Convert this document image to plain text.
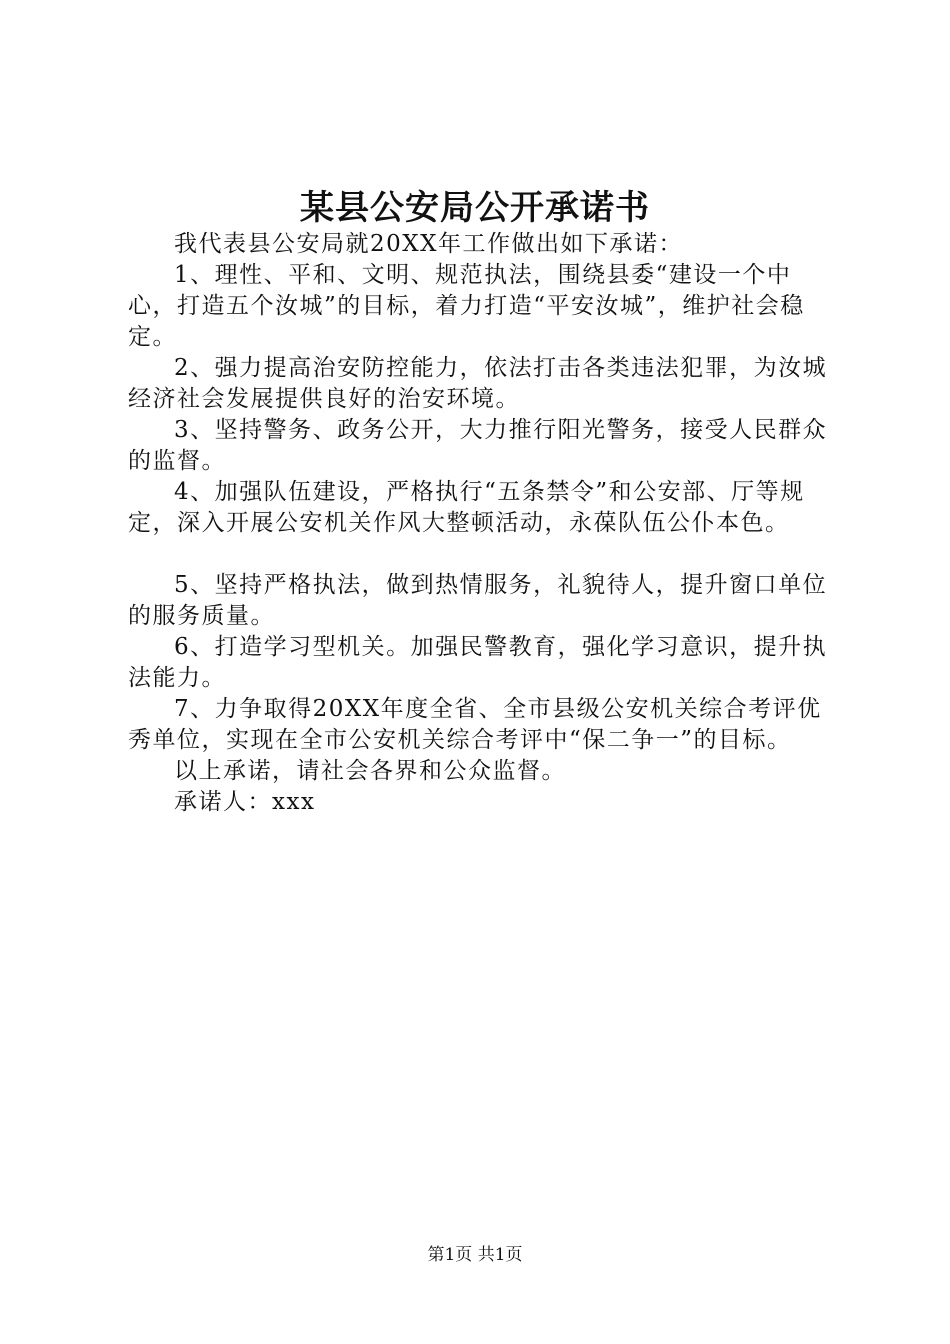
某县公安局公开承诺书

我代表县公安局就20XX年工作做出如下承诺：

1、理性、平和、文明、规范执法，围绕县委“建设一个中心，打造五个汝城”的目标，着力打造“平安汝城”，维护社会稳定。

2、强力提高治安防控能力，依法打击各类违法犯罪，为汝城经济社会发展提供良好的治安环境。

3、坚持警务、政务公开，大力推行阳光警务，接受人民群众的监督。

4、加强队伍建设，严格执行“五条禁令”和公安部、厅等规定，深入开展公安机关作风大整顿活动，永葆队伍公仆本色。

5、坚持严格执法，做到热情服务，礼貌待人，提升窗口单位的服务质量。

6、打造学习型机关。加强民警教育，强化学习意识，提升执法能力。

7、力争取得20XX年度全省、全市县级公安机关综合考评优秀单位，实现在全市公安机关综合考评中“保二争一”的目标。

以上承诺，请社会各界和公众监督。

承诺人：xxx

第1页 共1页
